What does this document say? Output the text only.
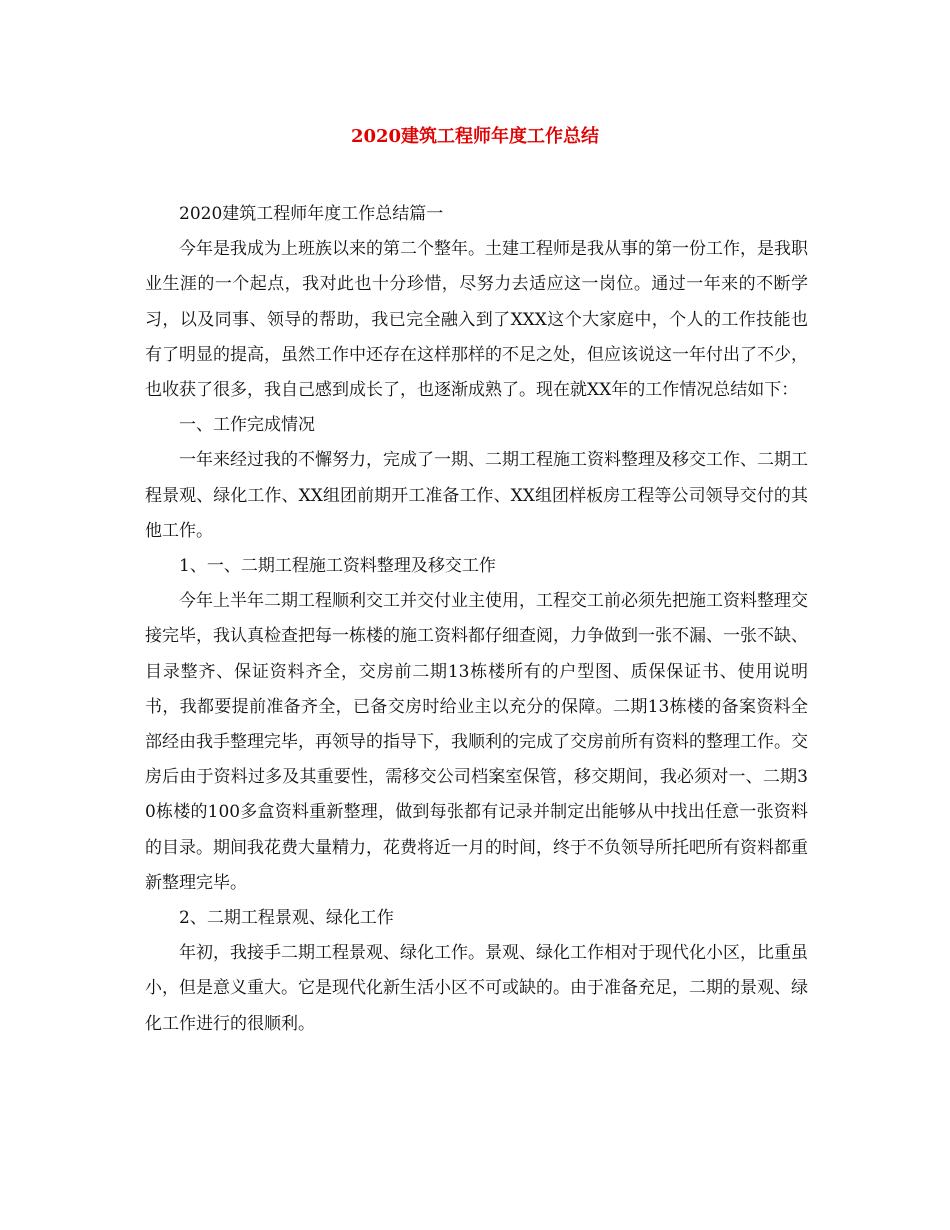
2020建筑工程师年度工作总结

2020建筑工程师年度工作总结篇一

今年是我成为上班族以来的第二个整年。土建工程师是我从事的第一份工作，是我职业生涯的一个起点，我对此也十分珍惜，尽努力去适应这一岗位。通过一年来的不断学习，以及同事、领导的帮助，我已完全融入到了XXX这个大家庭中，个人的工作技能也有了明显的提高，虽然工作中还存在这样那样的不足之处，但应该说这一年付出了不少，也收获了很多，我自己感到成长了，也逐渐成熟了。现在就XX年的工作情况总结如下：

一、工作完成情况

一年来经过我的不懈努力，完成了一期、二期工程施工资料整理及移交工作、二期工程景观、绿化工作、XX组团前期开工准备工作、XX组团样板房工程等公司领导交付的其他工作。

1、一、二期工程施工资料整理及移交工作

今年上半年二期工程顺利交工并交付业主使用，工程交工前必须先把施工资料整理交接完毕，我认真检查把每一栋楼的施工资料都仔细查阅，力争做到一张不漏、一张不缺、目录整齐、保证资料齐全，交房前二期13栋楼所有的户型图、质保保证书、使用说明书，我都要提前准备齐全，已备交房时给业主以充分的保障。二期13栋楼的备案资料全部经由我手整理完毕，再领导的指导下，我顺利的完成了交房前所有资料的整理工作。交房后由于资料过多及其重要性，需移交公司档案室保管，移交期间，我必须对一、二期30栋楼的100多盒资料重新整理，做到每张都有记录并制定出能够从中找出任意一张资料的目录。期间我花费大量精力，花费将近一月的时间，终于不负领导所托吧所有资料都重新整理完毕。

2、二期工程景观、绿化工作

年初，我接手二期工程景观、绿化工作。景观、绿化工作相对于现代化小区，比重虽小，但是意义重大。它是现代化新生活小区不可或缺的。由于准备充足，二期的景观、绿化工作进行的很顺利。
